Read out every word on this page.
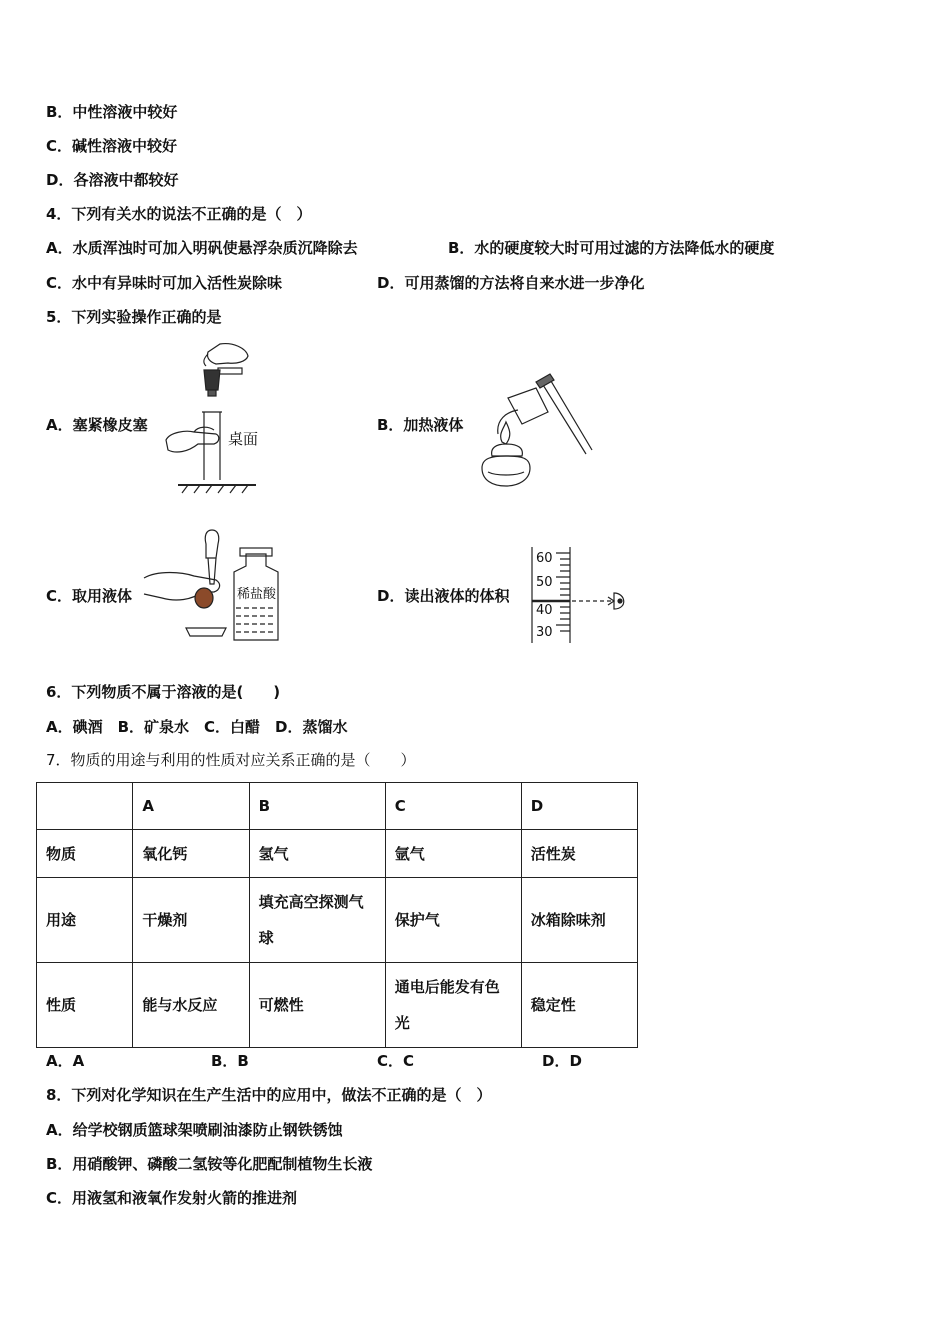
B．中性溶液中较好
C．碱性溶液中较好
D．各溶液中都较好
4．下列有关水的说法不正确的是（　）
A．水质浑浊时可加入明矾使悬浮杂质沉降除去	B．水的硬度较大时可用过滤的方法降低水的硬度
C．水中有异味时可加入活性炭除味	D．可用蒸馏的方法将自来水进一步净化
5．下列实验操作正确的是
A．塞紧橡皮塞	B．加热液体
C．取用液体	D．读出液体的体积
桌面
稀盐酸
60
50
40
30
6．下列物质不属于溶液的是(　　)
A．碘酒　B．矿泉水　C．白醋　D．蒸馏水
7．物质的用途与利用的性质对应关系正确的是（　　）
	A	B	C	D
物质	氧化钙	氢气	氩气	活性炭
用途	干燥剂	填充高空探测气球	保护气	冰箱除味剂
性质	能与水反应	可燃性	通电后能发有色光	稳定性
A．A	B．B	C．C	D．D
8．下列对化学知识在生产生活中的应用中，做法不正确的是（　）
A．给学校钢质篮球架喷刷油漆防止钢铁锈蚀
B．用硝酸钾、磷酸二氢铵等化肥配制植物生长液
C．用液氢和液氧作发射火箭的推进剂
